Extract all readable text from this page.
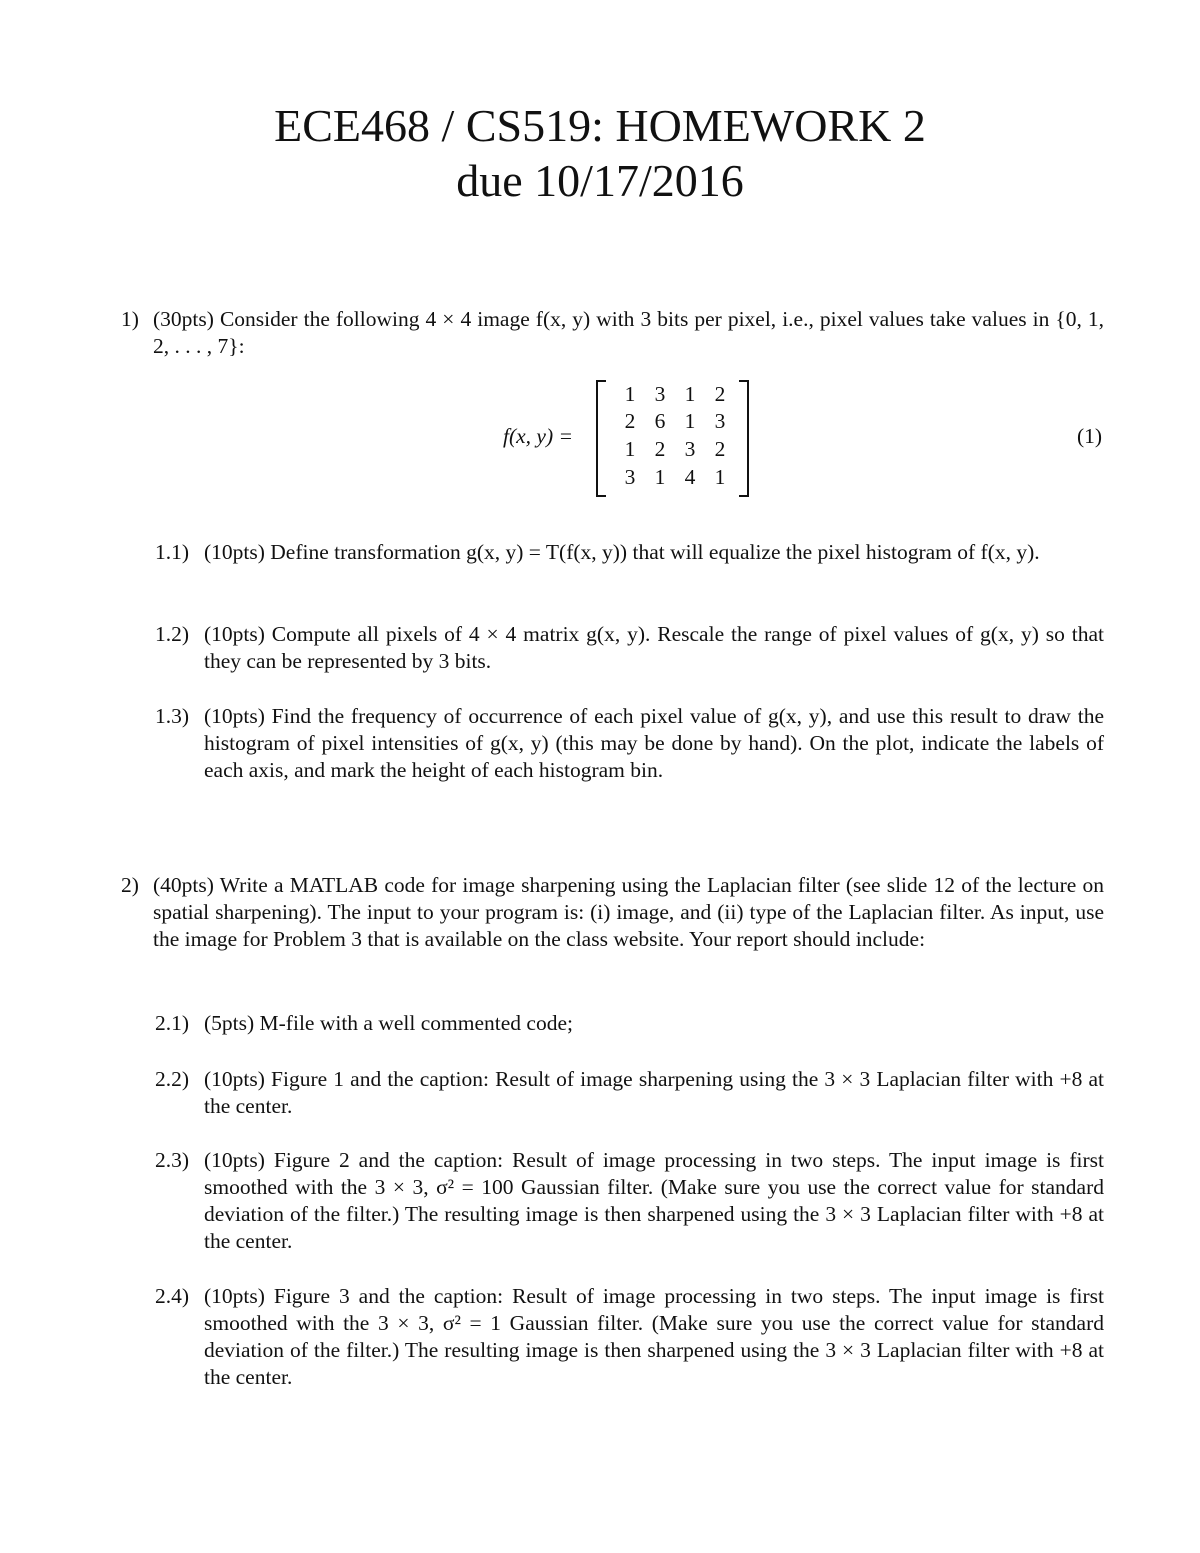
ECE468 / CS519: HOMEWORK 2
due 10/17/2016
1) (30pts) Consider the following 4 × 4 image f(x, y) with 3 bits per pixel, i.e., pixel values take values in {0, 1, 2, . . . , 7}:
f(x, y) =
1 3 1 2
2 6 1 3
1 2 3 2
3 1 4 1
(1)
1.1) (10pts) Define transformation g(x, y) = T(f(x, y)) that will equalize the pixel histogram of f(x, y).
1.2) (10pts) Compute all pixels of 4 × 4 matrix g(x, y). Rescale the range of pixel values of g(x, y) so that they can be represented by 3 bits.
1.3) (10pts) Find the frequency of occurrence of each pixel value of g(x, y), and use this result to draw the histogram of pixel intensities of g(x, y) (this may be done by hand). On the plot, indicate the labels of each axis, and mark the height of each histogram bin.
2) (40pts) Write a MATLAB code for image sharpening using the Laplacian filter (see slide 12 of the lecture on spatial sharpening). The input to your program is: (i) image, and (ii) type of the Laplacian filter. As input, use the image for Problem 3 that is available on the class website. Your report should include:
2.1) (5pts) M-file with a well commented code;
2.2) (10pts) Figure 1 and the caption: Result of image sharpening using the 3 × 3 Laplacian filter with +8 at the center.
2.3) (10pts) Figure 2 and the caption: Result of image processing in two steps. The input image is first smoothed with the 3 × 3, σ² = 100 Gaussian filter. (Make sure you use the correct value for standard deviation of the filter.) The resulting image is then sharpened using the 3 × 3 Laplacian filter with +8 at the center.
2.4) (10pts) Figure 3 and the caption: Result of image processing in two steps. The input image is first smoothed with the 3 × 3, σ² = 1 Gaussian filter. (Make sure you use the correct value for standard deviation of the filter.) The resulting image is then sharpened using the 3 × 3 Laplacian filter with +8 at the center.
